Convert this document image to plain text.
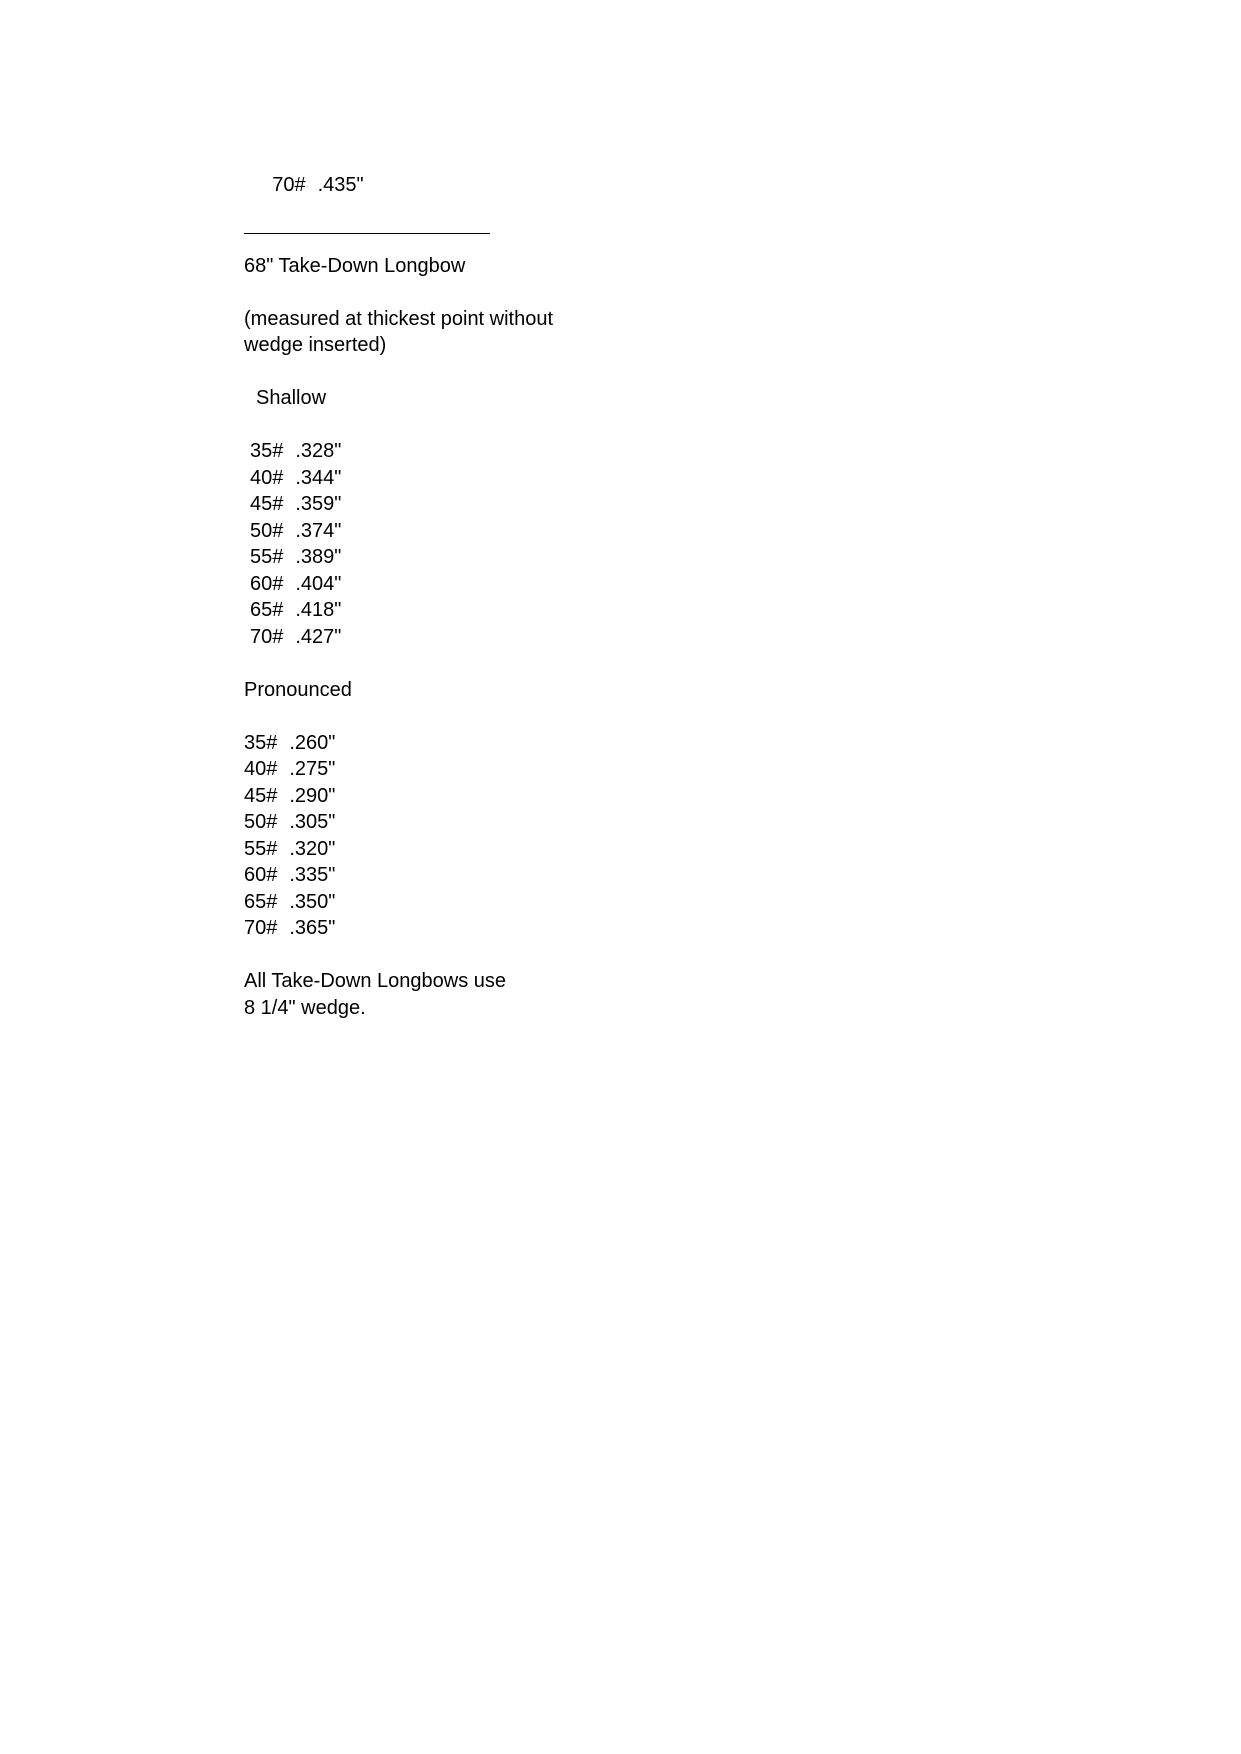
70# .435"

68" Take-Down Longbow
(measured at thickest point without
wedge inserted)
Shallow
35# .328"
40# .344"
45# .359"
50# .374"
55# .389"
60# .404"
65# .418"
70# .427"
Pronounced
35# .260"
40# .275"
45# .290"
50# .305"
55# .320"
60# .335"
65# .350"
70# .365"
All Take-Down Longbows use
8 1/4" wedge.
